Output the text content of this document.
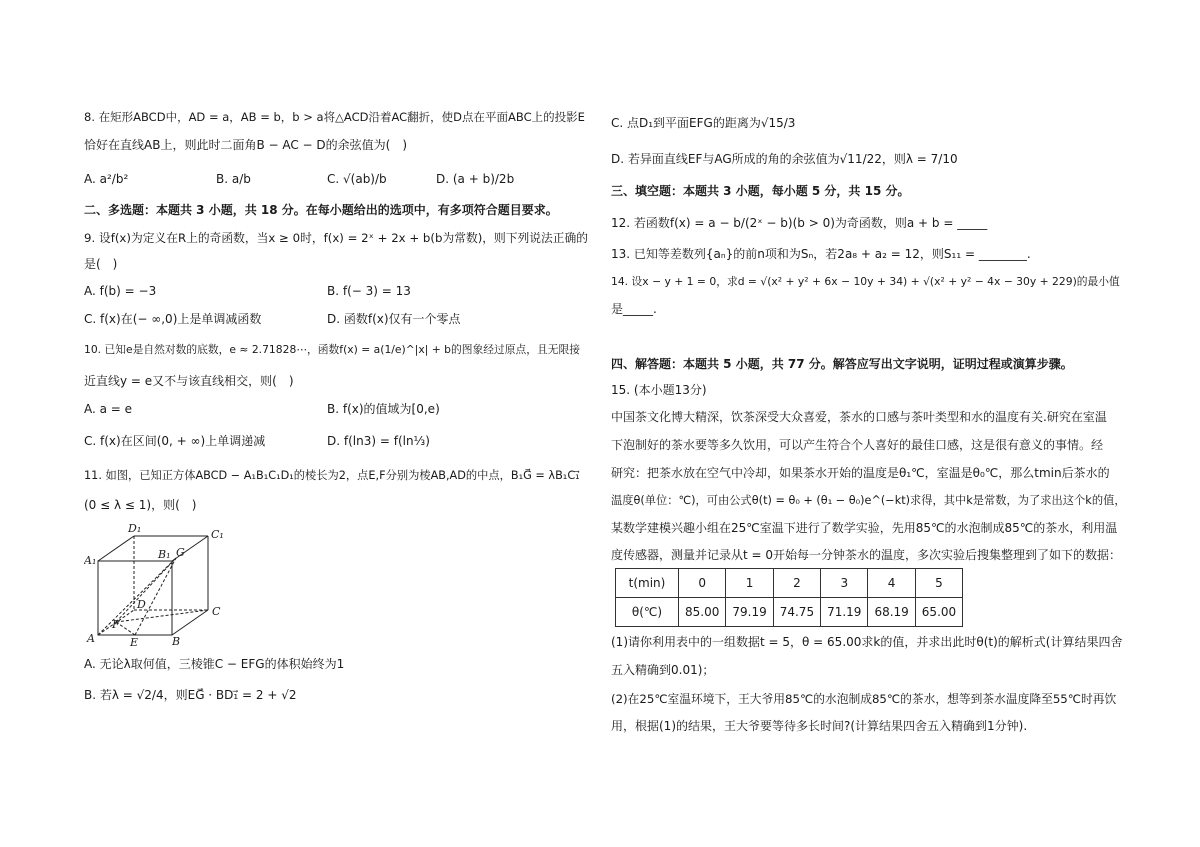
8. 在矩形ABCD中，AD = a，AB = b，b > a将△ACD沿着AC翻折，使D点在平面ABC上的投影E
恰好在直线AB上，则此时二面角B − AC − D的余弦值为(　)
A. a²/b²	B. a/b	C. √(ab)/b	D. (a + b)/2b
二、多选题：本题共 3 小题，共 18 分。在每小题给出的选项中，有多项符合题目要求。
9. 设f(x)为定义在R上的奇函数，当x ≥ 0时，f(x) = 2ˣ + 2x + b(b为常数)，则下列说法正确的
是(　)
A. f(b) = −3	B. f(− 3) = 13
C. f(x)在(− ∞,0)上是单调减函数	D. 函数f(x)仅有一个零点
10. 已知e是自然对数的底数，e ≈ 2.71828⋯，函数f(x) = a(1/e)^|x| + b的图象经过原点，且无限接
近直线y = e又不与该直线相交，则(　)
A. a = e	B. f(x)的值域为[0,e)
C. f(x)在区间(0, + ∞)上单调递减	D. f(ln3) = f(ln⅓)
11. 如图，已知正方体ABCD − A₁B₁C₁D₁的棱长为2，点E,F分别为棱AB,AD的中点，B₁G⃗ = λB₁C₁⃗
(0 ≤ λ ≤ 1)，则(　)
D₁	C₁
A₁	B₁ G
D
C
F
A	E	B
A. 无论λ取何值，三棱锥C − EFG的体积始终为1
B. 若λ = √2/4，则EG⃗ · BD₁⃗ = 2 + √2
C. 点D₁到平面EFG的距离为√15/3
D. 若异面直线EF与AG所成的角的余弦值为√11/22，则λ = 7/10
三、填空题：本题共 3 小题，每小题 5 分，共 15 分。
12. 若函数f(x) = a − b/(2ˣ − b)(b > 0)为奇函数，则a + b = _____
13. 已知等差数列{aₙ}的前n项和为Sₙ，若2a₈ + a₂ = 12，则S₁₁ = ________.
14. 设x − y + 1 = 0，求d = √(x² + y² + 6x − 10y + 34) + √(x² + y² − 4x − 30y + 229)的最小值
是_____.
四、解答题：本题共 5 小题，共 77 分。解答应写出文字说明，证明过程或演算步骤。
15. (本小题13分)
中国茶文化博大精深，饮茶深受大众喜爱，茶水的口感与茶叶类型和水的温度有关.研究在室温
下泡制好的茶水要等多久饮用，可以产生符合个人喜好的最佳口感，这是很有意义的事情。经
研究：把茶水放在空气中冷却，如果茶水开始的温度是θ₁℃，室温是θ₀℃，那么tmin后茶水的
温度θ(单位：℃)，可由公式θ(t) = θ₀ + (θ₁ − θ₀)e^(−kt)求得，其中k是常数，为了求出这个k的值，
某数学建模兴趣小组在25℃室温下进行了数学实验，先用85℃的水泡制成85℃的茶水，利用温
度传感器，测量并记录从t = 0开始每一分钟茶水的温度，多次实验后搜集整理到了如下的数据：
t(min)	0	1	2	3	4	5
θ(℃)	85.00	79.19	74.75	71.19	68.19	65.00
(1)请你利用表中的一组数据t = 5，θ = 65.00求k的值，并求出此时θ(t)的解析式(计算结果四舍
五入精确到0.01)；
(2)在25℃室温环境下，王大爷用85℃的水泡制成85℃的茶水，想等到茶水温度降至55℃时再饮
用，根据(1)的结果，王大爷要等待多长时间?(计算结果四舍五入精确到1分钟).
